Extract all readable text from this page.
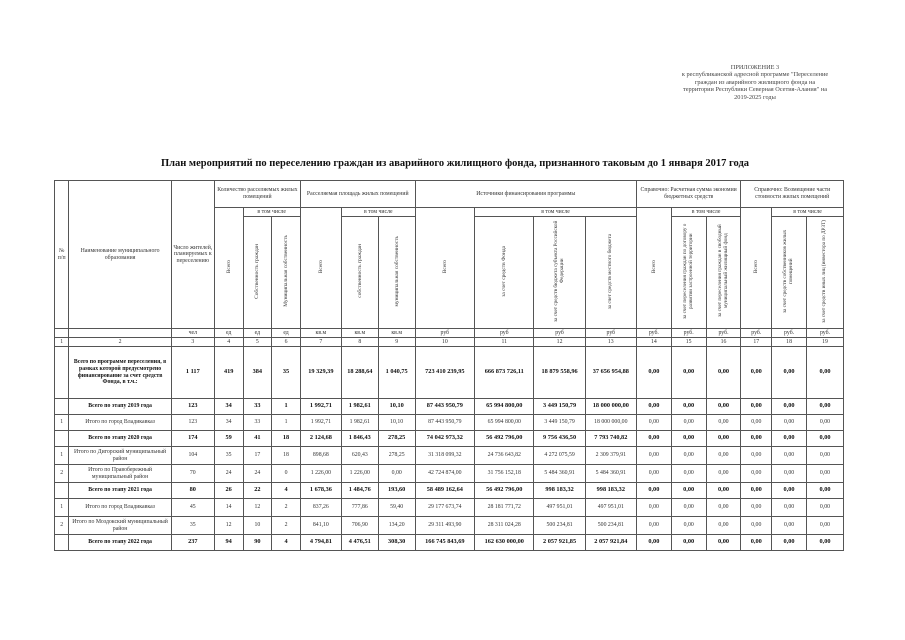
ПРИЛОЖЕНИЕ 3
к республиканской адресной программе "Переселение
граждан из аварийного жилищного фонда на
территории Республики Северная Осетия-Алания" на
2019-2025 годы
План мероприятий по переселению граждан из аварийного жилищного фонда, признанного таковым до 1 января 2017 года
№ п/п	Наименование муниципального образования	Число жителей, планируемых к переселению	Количество расселяемых жилых помещений			Расселяемая площадь жилых помещений			Источники финансирования программы				Справочно: Расчетная сумма экономии бюджетных средств			Справочно: Возмещение части стоимости жилых помещений		
			Всего	в том числе		Всего	в том числе		Всего	в том числе			Всего	в том числе		Всего	в том числе	
				Собственность граждан	Муниципальная собственность		собственность граждан	муниципальная собственность		за счет средств Фонда	за счет средств бюджета субъекта Российской Федерации	за счет средств местного бюджета		за счет переселения граждан по договору о развитии застроенной территории	за счет переселения граждан в свободный муниципальный жилищный фонд		за счет средств собственников жилых помещений	за счет средств иных лиц (инвестора по ДРЗТ)
		чел	ед	ед	ед	кв.м	кв.м	кв.м	руб	руб	руб	руб	руб.	руб.	руб.	руб.	руб.	руб.
1	2	3	4	5	6	7	8	9	10	11	12	13	14	15	16	17	18	19
	Всего по программе переселения, в рамках которой предусмотрено финансирование за счет средств Фонда, в т.ч.:	1 117	419	384	35	19 329,39	18 288,64	1 040,75	723 410 239,95	666 873 726,11	18 879 558,96	37 656 954,88	0,00	0,00	0,00	0,00	0,00	0,00
	Всего по этапу 2019 года	123	34	33	1	1 992,71	1 982,61	10,10	87 443 950,79	65 994 800,00	3 449 150,79	18 000 000,00	0,00	0,00	0,00	0,00	0,00	0,00
1	Итого по город Владикавказ	123	34	33	1	1 992,71	1 982,61	10,10	87 443 950,79	65 994 800,00	3 449 150,79	18 000 000,00	0,00	0,00	0,00	0,00	0,00	0,00
	Всего по этапу 2020 года	174	59	41	18	2 124,68	1 846,43	278,25	74 042 973,32	56 492 796,00	9 756 436,50	7 793 740,82	0,00	0,00	0,00	0,00	0,00	0,00
1	Итого по Дигорский муниципальный район	104	35	17	18	898,68	620,43	278,25	31 318 099,32	24 736 643,82	4 272 075,59	2 309 379,91	0,00	0,00	0,00	0,00	0,00	0,00
2	Итого по Правобережный муниципальный район	70	24	24	0	1 226,00	1 226,00	0,00	42 724 874,00	31 756 152,18	5 484 360,91	5 484 360,91	0,00	0,00	0,00	0,00	0,00	0,00
	Всего по этапу 2021 года	80	26	22	4	1 678,36	1 484,76	193,60	58 489 162,64	56 492 796,00	998 183,32	998 183,32	0,00	0,00	0,00	0,00	0,00	0,00
1	Итого по город Владикавказ	45	14	12	2	837,26	777,86	59,40	29 177 673,74	28 181 771,72	497 951,01	497 951,01	0,00	0,00	0,00	0,00	0,00	0,00
2	Итого по Моздокский муниципальный район	35	12	10	2	841,10	706,90	134,20	29 311 493,90	28 311 024,28	500 234,81	500 234,81	0,00	0,00	0,00	0,00	0,00	0,00
	Всего по этапу 2022 года	237	94	90	4	4 794,81	4 476,51	308,30	166 745 843,69	162 630 000,00	2 057 921,85	2 057 921,84	0,00	0,00	0,00	0,00	0,00	0,00
